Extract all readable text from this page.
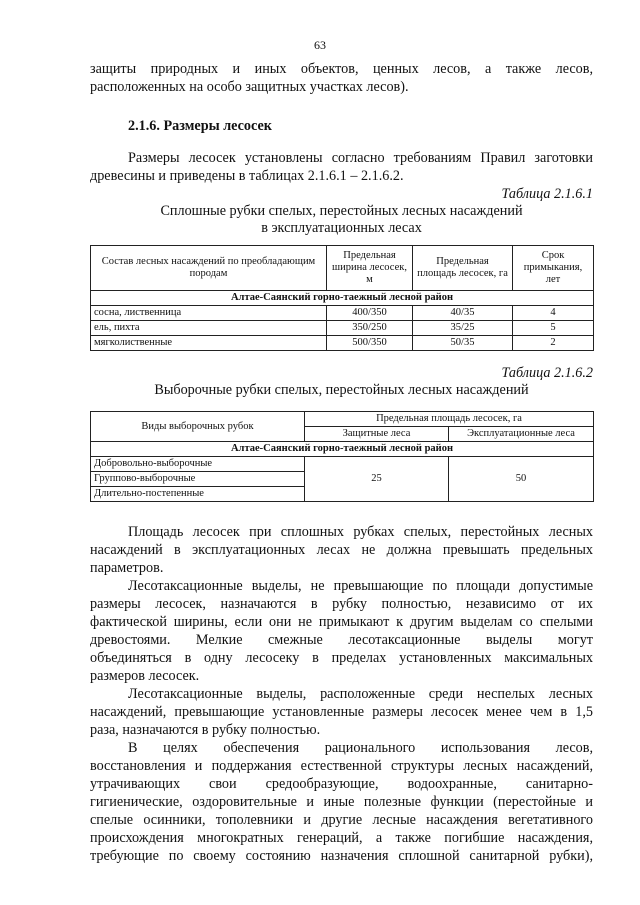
63

защиты природных и иных объектов, ценных лесов, а также лесов,

расположенных на особо защитных участках лесов).

2.1.6. Размеры лесосек

Размеры лесосек установлены согласно требованиям Правил заготовки

древесины и приведены в таблицах 2.1.6.1 – 2.1.6.2.

Таблица 2.1.6.1
Сплошные рубки спелых, перестойных лесных насаждений
в эксплуатационных лесах
Состав лесных насаждений по преобладающим породам	Предельная ширина лесосек, м	Предельная площадь лесосек, га	Срок примыкания, лет
Алтае-Саянский горно-таежный лесной район			
сосна, лиственница	400/350	40/35	4
ель, пихта	350/250	35/25	5
мягколиственные	500/350	50/35	2
Таблица 2.1.6.2
Выборочные рубки спелых, перестойных лесных насаждений
Виды выборочных рубок	Предельная площадь лесосек, га	
	Защитные леса	Эксплуатационные леса
Алтае-Саянский горно-таежный лесной район		
Добровольно-выборочные	25	50
Группово-выборочные		
Длительно-постепенные		

Площадь лесосек при сплошных рубках спелых, перестойных лесных

насаждений в эксплуатационных лесах не должна превышать предельных

параметров.

Лесотаксационные выделы, не превышающие по площади допустимые

размеры лесосек, назначаются в рубку полностью, независимо от их

фактической ширины, если они не примыкают к другим выделам со спелыми

древостоями. Мелкие смежные лесотаксационные выделы могут

объединяться в одну лесосеку в пределах установленных максимальных

размеров лесосек.

Лесотаксационные выделы, расположенные среди неспелых лесных

насаждений, превышающие установленные размеры лесосек менее чем в 1,5

раза, назначаются в рубку полностью.

В целях обеспечения рационального использования лесов,

восстановления и поддержания естественной структуры лесных насаждений,

утрачивающих свои средообразующие, водоохранные, санитарно-

гигиенические, оздоровительные и иные полезные функции (перестойные и

спелые осинники, тополевники и другие лесные насаждения вегетативного

происхождения многократных генераций, а также погибшие насаждения,

требующие по своему состоянию назначения сплошной санитарной рубки),
